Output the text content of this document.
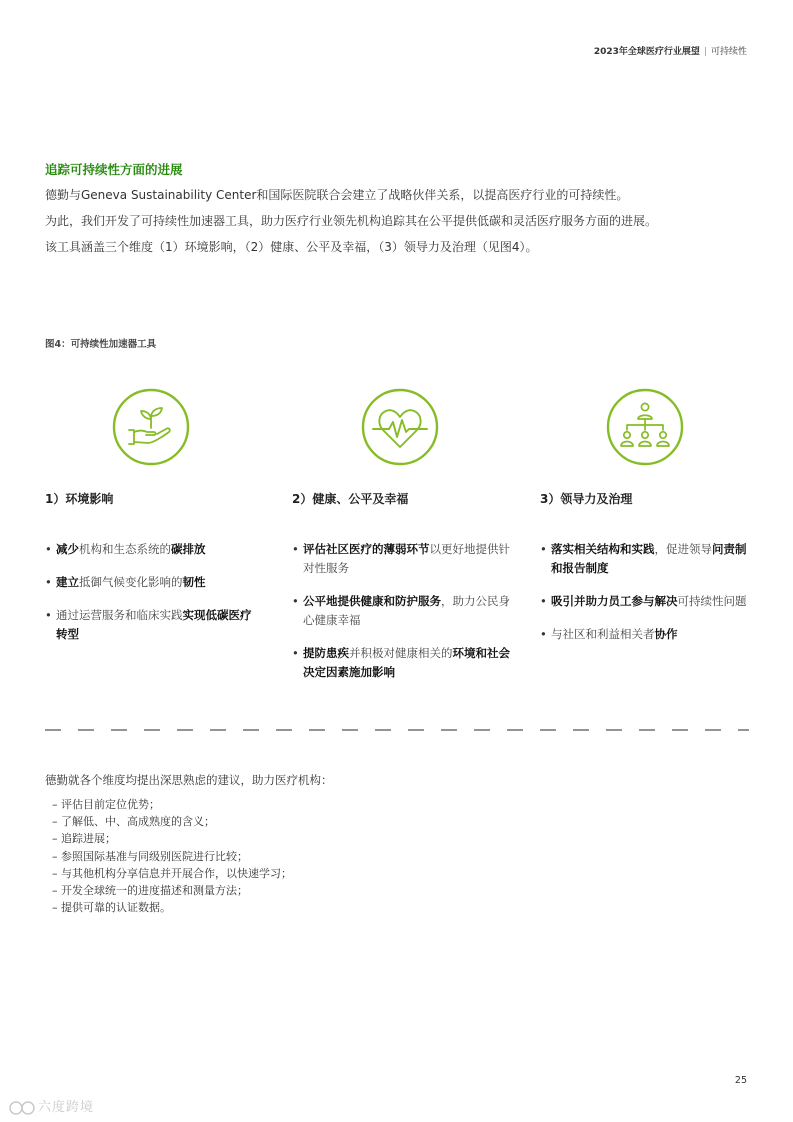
2023年全球医疗行业展望 | 可持续性
追踪可持续性方面的进展
德勤与Geneva Sustainability Center和国际医院联合会建立了战略伙伴关系，以提高医疗行业的可持续性。
为此，我们开发了可持续性加速器工具，助力医疗行业领先机构追踪其在公平提供低碳和灵活医疗服务方面的进展。
该工具涵盖三个维度（1）环境影响，（2）健康、公平及幸福，（3）领导力及治理（见图4）。
图4：可持续性加速器工具
1）环境影响	2）健康、公平及幸福	3）领导力及治理
• 减少机构和生态系统的碳排放
• 建立抵御气候变化影响的韧性
• 通过运营服务和临床实践实现低碳医疗转型
• 评估社区医疗的薄弱环节以更好地提供针对性服务
• 公平地提供健康和防护服务，助力公民身心健康幸福
• 提防患疾并积极对健康相关的环境和社会决定因素施加影响
• 落实相关结构和实践，促进领导问责制和报告制度
• 吸引并助力员工参与解决可持续性问题
• 与社区和利益相关者协作
德勤就各个维度均提出深思熟虑的建议，助力医疗机构：
– 评估目前定位优势；
– 了解低、中、高成熟度的含义；
– 追踪进展；
– 参照国际基准与同级别医院进行比较；
– 与其他机构分享信息并开展合作，以快速学习；
– 开发全球统一的进度描述和测量方法；
– 提供可靠的认证数据。
25
六度跨境
